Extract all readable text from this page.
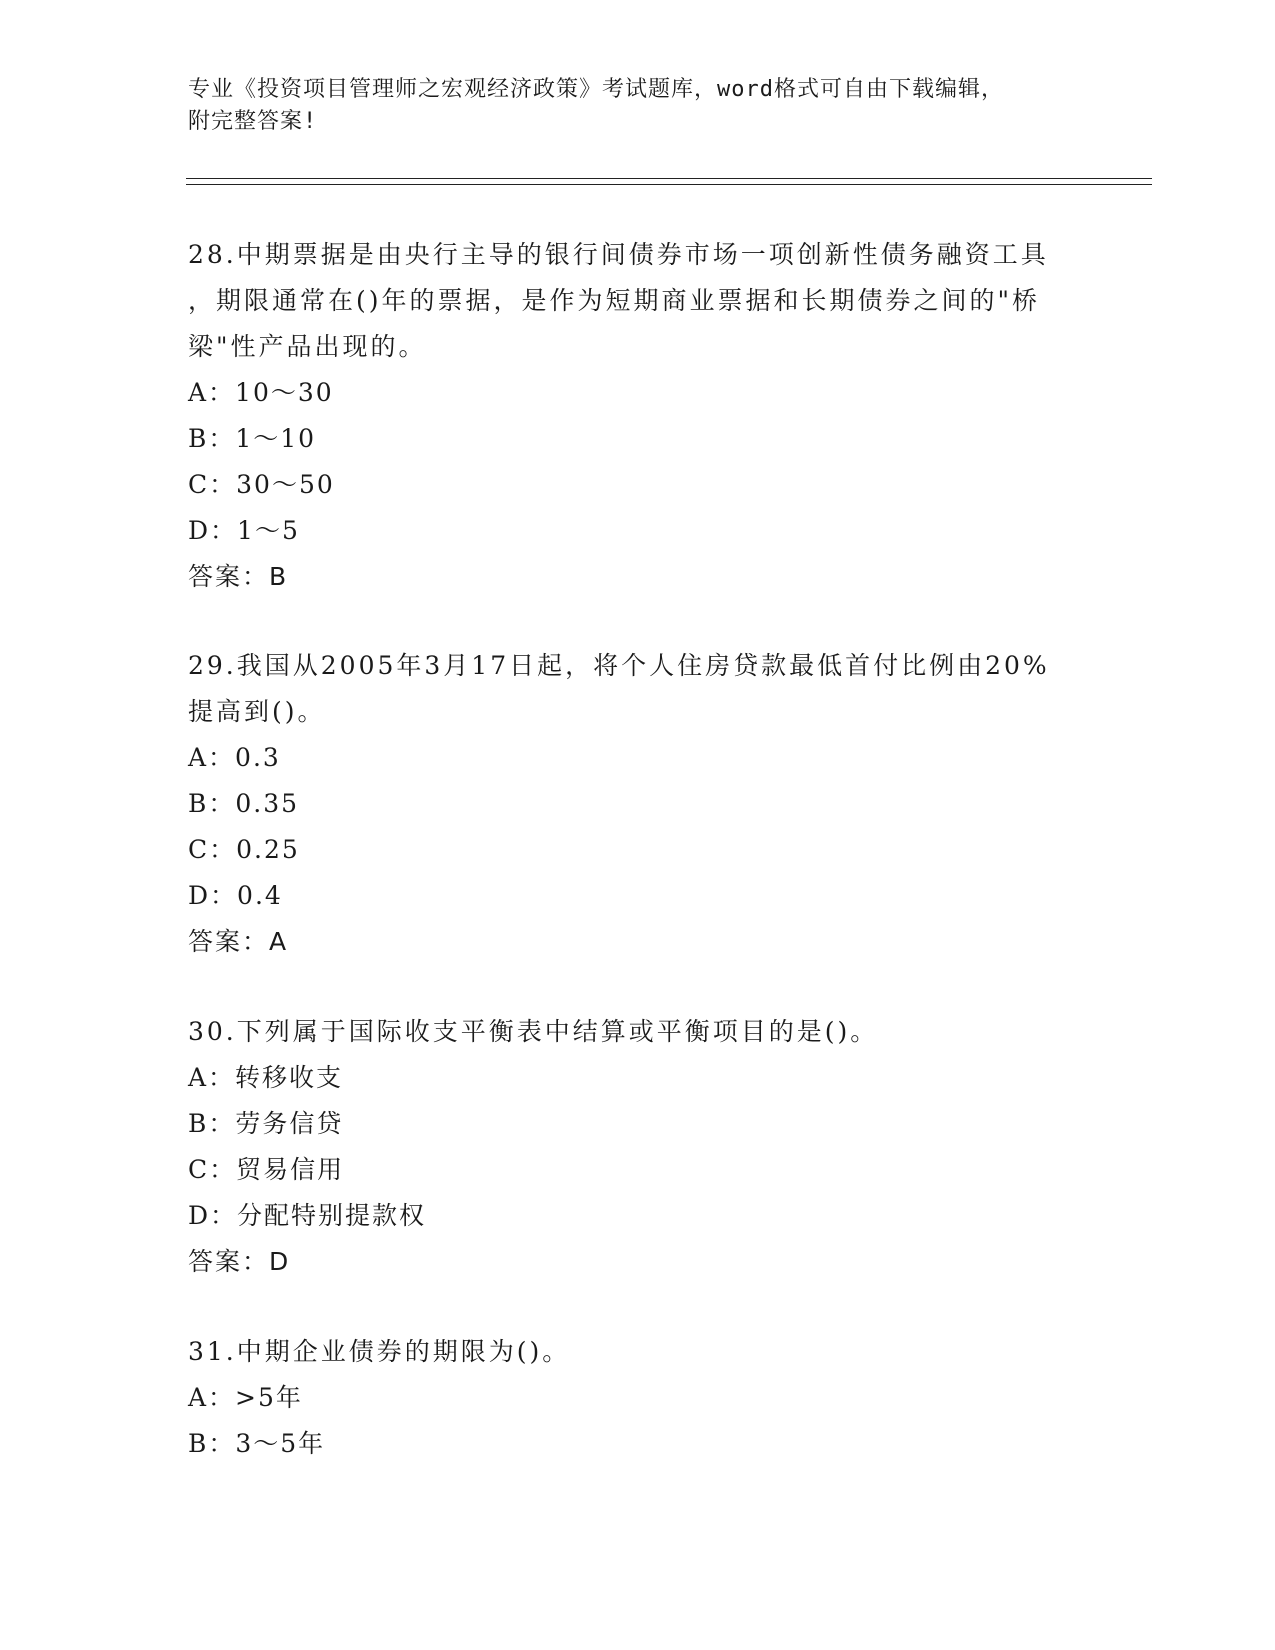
专业《投资项目管理师之宏观经济政策》考试题库，word格式可自由下载编辑，
附完整答案!

28.中期票据是由央行主导的银行间债券市场一项创新性债务融资工具

，期限通常在()年的票据，是作为短期商业票据和长期债券之间的"桥

梁"性产品出现的。

A：10～30

B：1～10

C：30～50

D：1～5

答案：B

29.我国从2005年3月17日起，将个人住房贷款最低首付比例由20%

提高到()。

A：0.3

B：0.35

C：0.25

D：0.4

答案：A

30.下列属于国际收支平衡表中结算或平衡项目的是()。

A：转移收支

B：劳务信贷

C：贸易信用

D：分配特别提款权

答案：D

31.中期企业债券的期限为()。

A：>5年

B：3～5年
